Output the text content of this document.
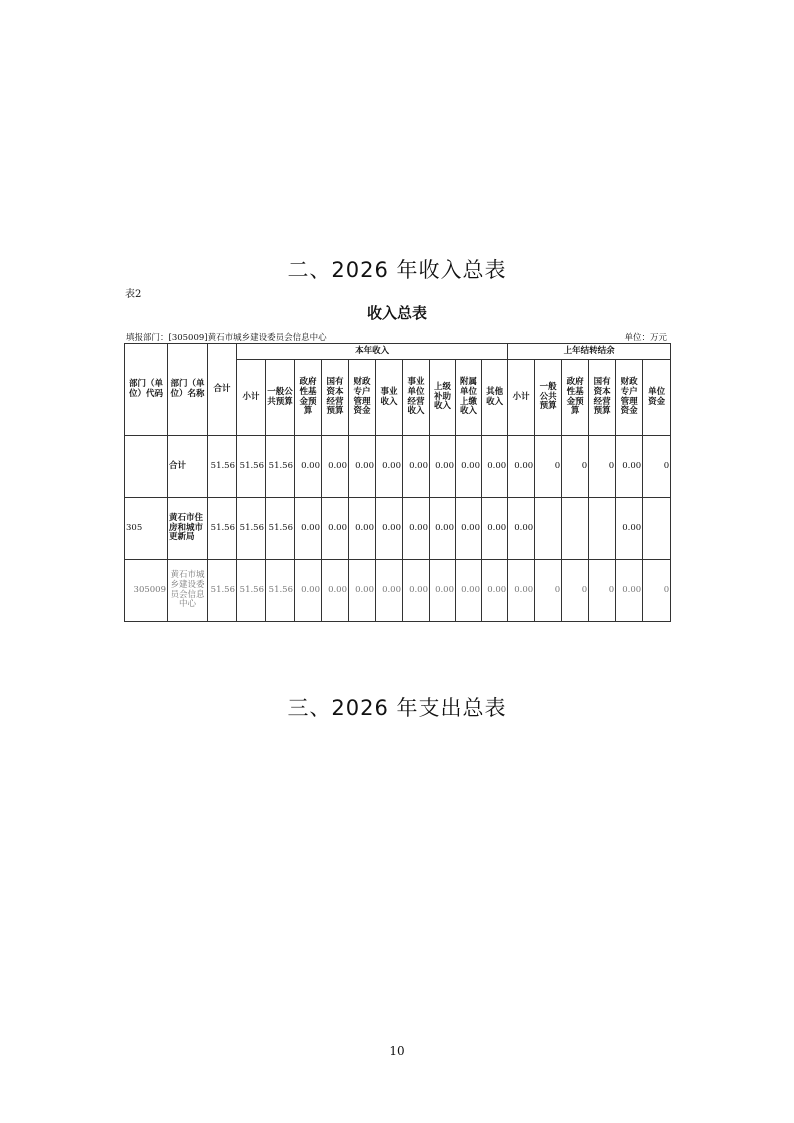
二、2026 年收入总表
表2
收入总表
填报部门：[305009]黄石市城乡建设委员会信息中心	单位：万元
部门（单位）代码	部门（单位）名称	合计	本年收入										上年结转结余					
			小计	一般公共预算	政府性基金预算	国有资本经营预算	财政专户管理资金	事业收入	事业单位经营收入	上级补助收入	附属单位上缴收入	其他收入	小计	一般公共预算	政府性基金预算	国有资本经营预算	财政专户管理资金	单位资金
	合计	51.56	51.56	51.56	0.00	0.00	0.00	0.00	0.00	0.00	0.00	0.00	0.00	0	0	0	0.00	0
305	黄石市住房和城市更新局	51.56	51.56	51.56	0.00	0.00	0.00	0.00	0.00	0.00	0.00	0.00	0.00				0.00	
305009	黄石市城乡建设委员会信息中心	51.56	51.56	51.56	0.00	0.00	0.00	0.00	0.00	0.00	0.00	0.00	0.00	0	0	0	0.00	0
三、2026 年支出总表
10
